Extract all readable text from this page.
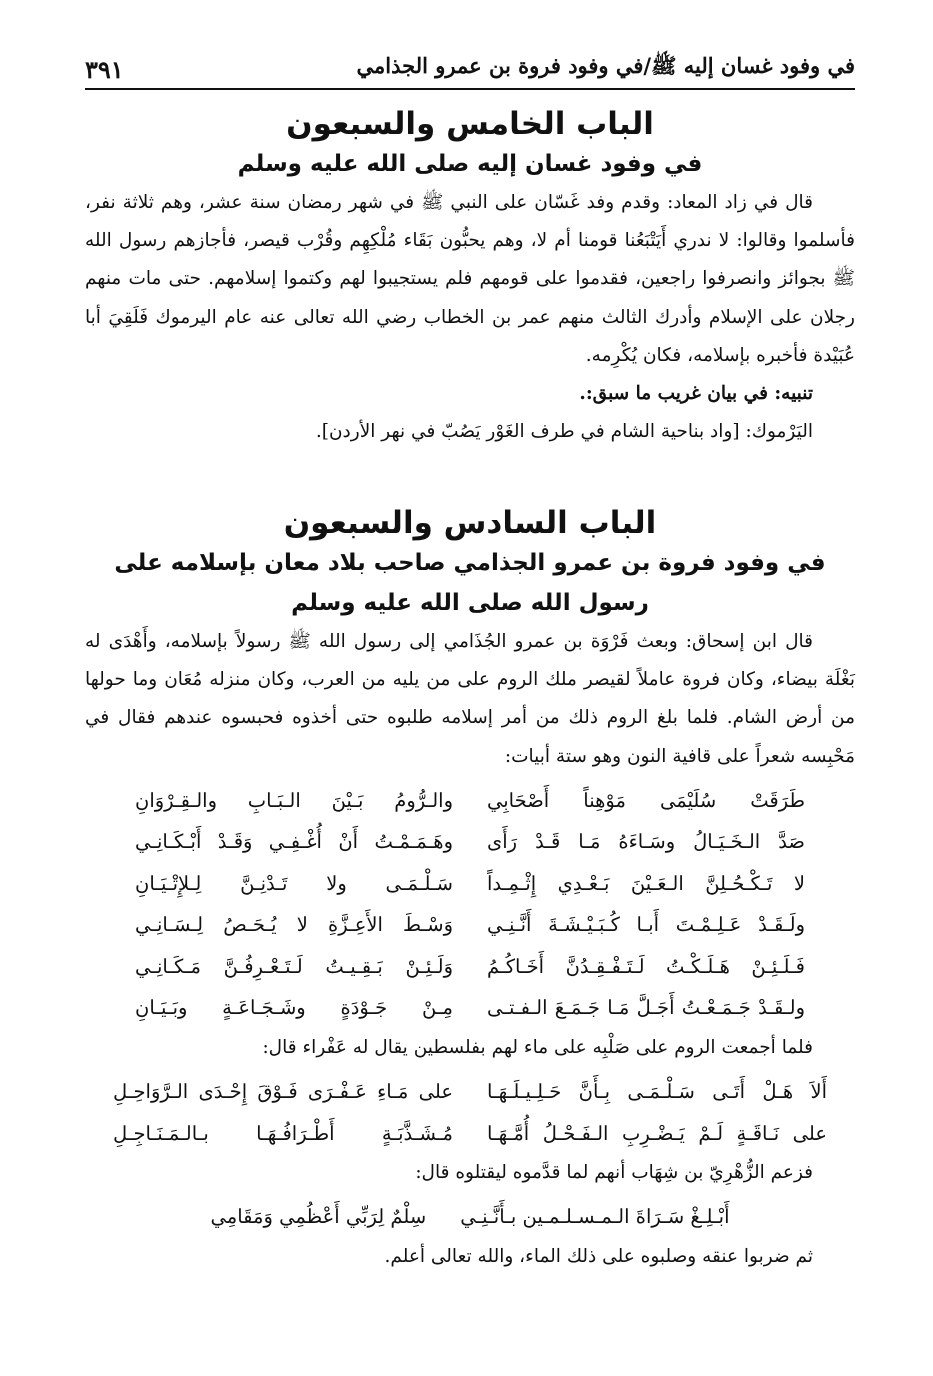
في وفود غسان إليه ﷺ/في وفود فروة بن عمرو الجذامي
٣٩١
الباب الخامس والسبعون
في وفود غسان إليه صلى الله عليه وسلم

قال في زاد المعاد: وقدم وفد غَسّان على النبي ﷺ في شهر رمضان سنة عشر، وهم ثلاثة نفر، فأسلموا وقالوا: لا ندري أَيَتْبَعُنا قومنا أم لا، وهم يحبُّون بَقَاء مُلْكِهِم وقُرْب قيصر، فأجازهم رسول الله ﷺ بجوائز وانصرفوا راجعين، فقدموا على قومهم فلم يستجيبوا لهم وكتموا إسلامهم. حتى مات منهم رجلان على الإسلام وأدرك الثالث منهم عمر بن الخطاب رضي الله تعالى عنه عام اليرموك فَلَقِيَ أبا عُبَيْدة فأخبره بإسلامه، فكان يُكْرِمه.

تنبيه: في بيان غريب ما سبق:.

اليَرْموك: [واد بناحية الشام في طرف الغَوْر يَصُبّ في نهر الأردن].

الباب السادس والسبعون
في وفود فروة بن عمرو الجذامي صاحب بلاد معان بإسلامه على
رسول الله صلى الله عليه وسلم

قال ابن إسحاق: وبعث فَرْوَة بن عمرو الجُذَامي إلى رسول الله ﷺ رسولاً بإسلامه، وأَهْدَى له بَغْلَة بيضاء، وكان فروة عاملاً لقيصر ملك الروم على من يليه من العرب، وكان منزله مُعَان وما حولها من أرض الشام. فلما بلغ الروم ذلك من أمر إسلامه طلبوه حتى أخذوه فحبسوه عندهم فقال في مَحْبِسه شعراً على قافية النون وهو ستة أبيات:

طَرَقَتْ سُلَيْمَى مَوْهِناً أَصْحَابِي
والـرُّومُ بَـيْنَ الـبَـابِ والـقِـرْوَانِ
صَدَّ الـخَـيَـالُ وسَـاءَهُ مَـا قَـدْ رَأَى
وهَـمَـمْـتُ أَنْ أُغْـفِـي وَقَـدْ أَبْـكَـانِـي
لا تَـكْـحُـلِنَّ الـعَـيْنَ بَـعْـدِي إِثْـمِـداً
سَـلْـمَـى ولا تَـدْنِـنَّ لِـلإِتْـيَـانِ
ولَـقَـدْ عَـلِـمْـتَ أَبـا كُـبَـيْـشَـةَ أَنَّـنِـي
وَسْـطَ الأَعِـزَّةِ لا يُـحَـصُ لِـسَـانِـي
فَـلَـئِـنْ هَـلَـكْـتُ لَـتَـفْـقِـدُنَّ أَخَـاكُـمُ
وَلَـئِـنْ بَـقِـيـتُ لَـتَـعْـرِفُـنَّ مَـكَـانِـي
ولـقَـدْ جَـمَـعْـتُ أَجَـلَّ مَـا جَـمَـعَ الـفـتـى
مِـنْ جَـوْدَةٍ وشَـجَـاعَـةٍ وبَـيَـانِ

فلما أجمعت الروم على صَلْبِه على ماء لهم بفلسطين يقال له عَفْراء قال:

أَلاَ هَـلْ أَتَـى سَـلْـمَـى بِـأَنَّ حَـلِـيـلَـهَـا
على مَـاءِ عَـفْـرَى فَـوْقَ إِحْـدَى الـرَّوَاحِـلِ
على نَـاقَـةٍ لَـمْ يَـضْـرِبِ الـفَـحْـلُ أُمَّـهَـا
مُـشَـذَّبَـةٍ أَطْـرَافُـهَـا بـالـمَـنَـاجِـلِ

فزعم الزُّهْرِيّ بن شِهَاب أنهم لما قدَّموه ليقتلوه قال:

أَبْـلِـغْ سَـرَاةَ الـمـسـلـمـين بـأَنَّـنِـي
سِلْمٌ لِرَبِّي أَعْظُمِي وَمَقَامِي

ثم ضربوا عنقه وصلبوه على ذلك الماء، والله تعالى أعلم.
